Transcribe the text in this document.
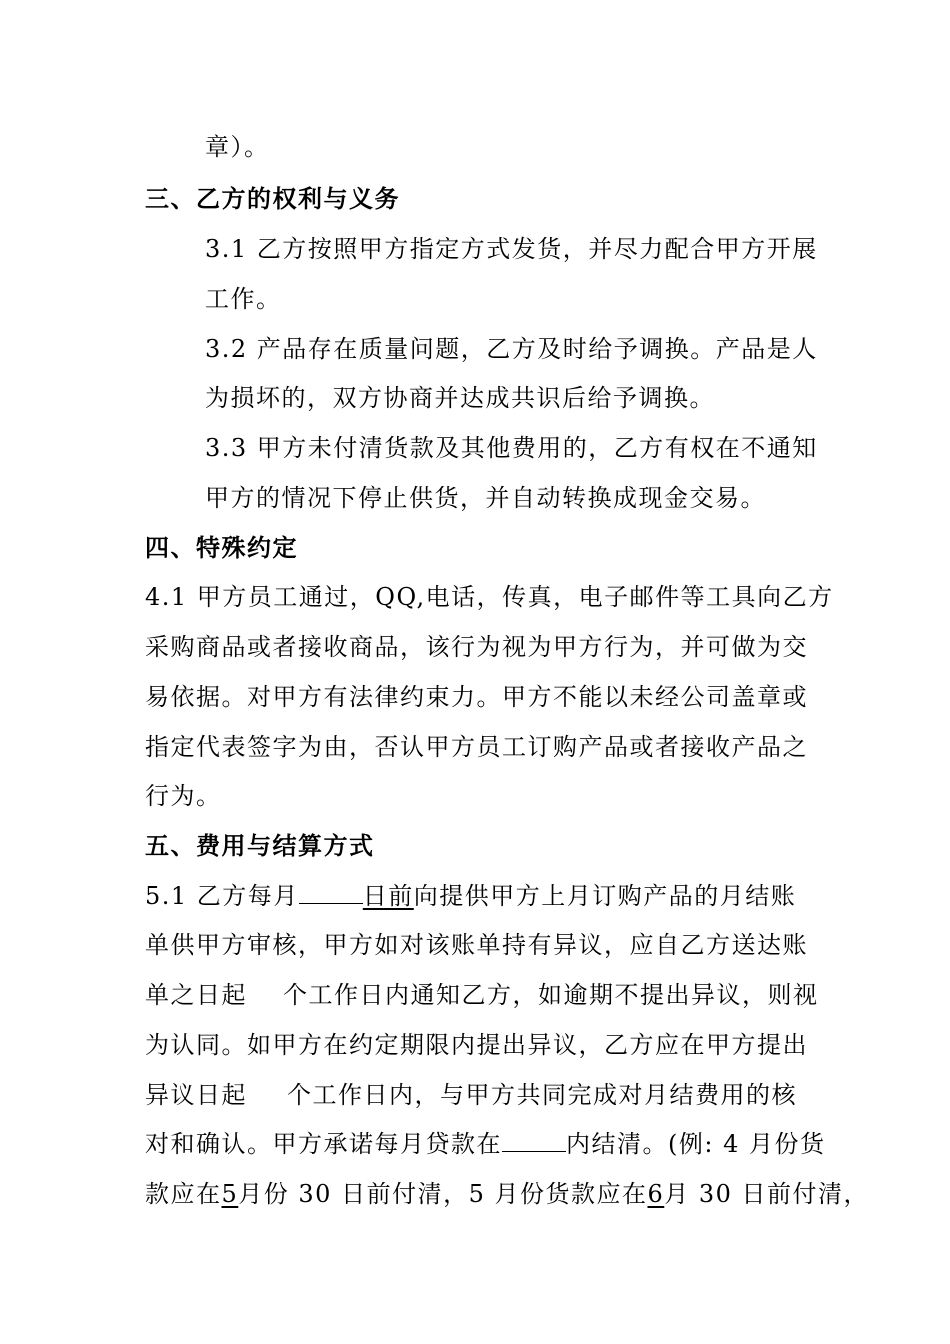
章）。
三、乙方的权利与义务
3.1 乙方按照甲方指定方式发货，并尽力配合甲方开展
工作。
3.2 产品存在质量问题，乙方及时给予调换。产品是人
为损坏的，双方协商并达成共识后给予调换。
3.3 甲方未付清货款及其他费用的，乙方有权在不通知
甲方的情况下停止供货，并自动转换成现金交易。
四、特殊约定
4.1 甲方员工通过，QQ,电话，传真，电子邮件等工具向乙方
采购商品或者接收商品，该行为视为甲方行为，并可做为交
易依据。对甲方有法律约束力。甲方不能以未经公司盖章或
指定代表签字为由，否认甲方员工订购产品或者接收产品之
行为。
五、费用与结算方式
5.1 乙方每月	日前向提供甲方上月订购产品的月结账
单供甲方审核，甲方如对该账单持有异议，应自乙方送达账
单之日起 个工作日内通知乙方，如逾期不提出异议，则视
为认同。如甲方在约定期限内提出异议，乙方应在甲方提出
异议日起 个工作日内，与甲方共同完成对月结费用的核
对和确认。甲方承诺每月贷款在	内结清。(例: 4 月份货
款应在5月份 30 日前付清，5 月份货款应在6月 30 日前付清，
